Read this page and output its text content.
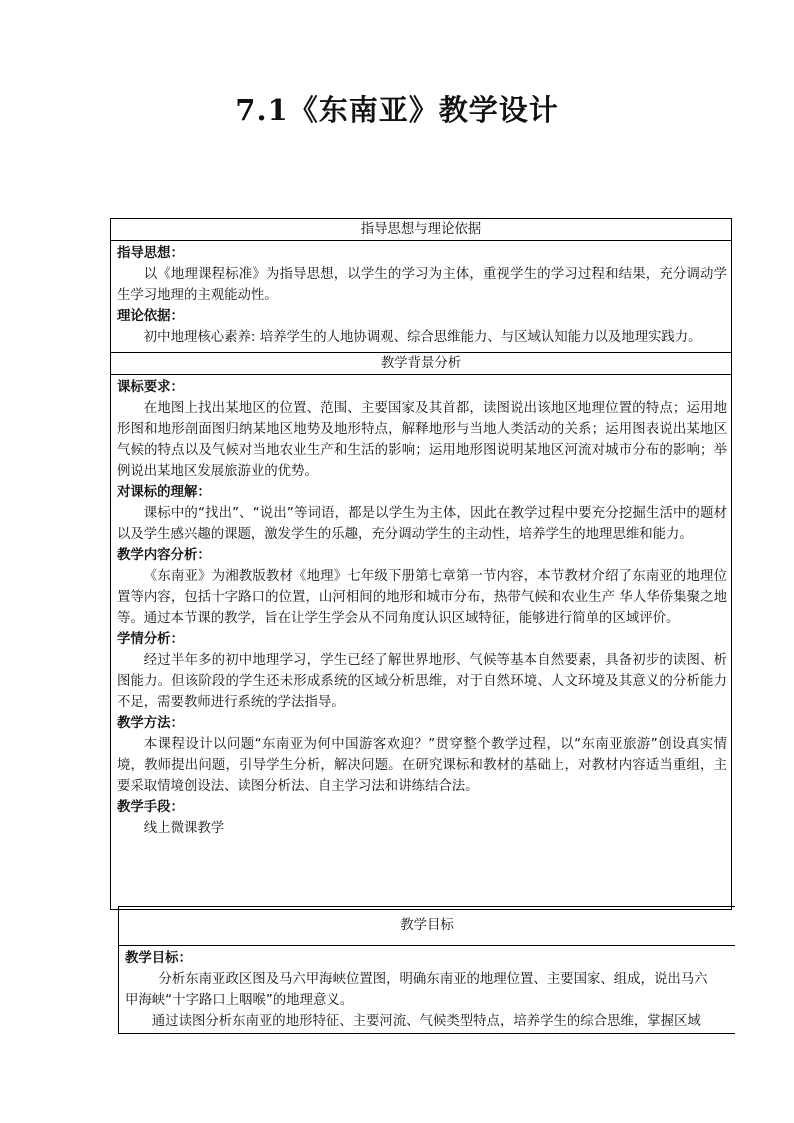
7.1《东南亚》教学设计
指导思想与理论依据
指导思想：
以《地理课程标准》为指导思想，以学生的学习为主体，重视学生的学习过程和结果，充分调动学生学习地理的主观能动性。
理论依据：
初中地理核心素养: 培养学生的人地协调观、综合思维能力、与区域认知能力以及地理实践力。
教学背景分析
课标要求：
在地图上找出某地区的位置、范围、主要国家及其首都，读图说出该地区地理位置的特点；运用地形图和地形剖面图归纳某地区地势及地形特点，解释地形与当地人类活动的关系；运用图表说出某地区气候的特点以及气候对当地农业生产和生活的影响；运用地形图说明某地区河流对城市分布的影响；举例说出某地区发展旅游业的优势。
对课标的理解：
课标中的“找出”、“说出”等词语，都是以学生为主体，因此在教学过程中要充分挖掘生活中的题材以及学生感兴趣的课题，激发学生的乐趣，充分调动学生的主动性，培养学生的地理思维和能力。
教学内容分析：
《东南亚》为湘教版教材《地理》七年级下册第七章第一节内容，本节教材介绍了东南亚的地理位置等内容，包括十字路口的位置，山河相间的地形和城市分布，热带气候和农业生产 华人华侨集聚之地等。通过本节课的教学，旨在让学生学会从不同角度认识区域特征，能够进行简单的区域评价。
学情分析：
经过半年多的初中地理学习，学生已经了解世界地形、气候等基本自然要素，具备初步的读图、析图能力。但该阶段的学生还未形成系统的区域分析思维，对于自然环境、人文环境及其意义的分析能力不足，需要教师进行系统的学法指导。
教学方法：
本课程设计以问题“东南亚为何中国游客欢迎？”贯穿整个教学过程，以“东南亚旅游”创设真实情境，教师提出问题，引导学生分析，解决问题。在研究课标和教材的基础上，对教材内容适当重组，主要采取情境创设法、读图分析法、自主学习法和讲练结合法。
教学手段：
线上微课教学
教学目标
教学目标：
分析东南亚政区图及马六甲海峡位置图，明确东南亚的地理位置、主要国家、组成，说出马六
甲海峡“十字路口上咽喉”的地理意义。
通过读图分析东南亚的地形特征、主要河流、气候类型特点，培养学生的综合思维，掌握区域
